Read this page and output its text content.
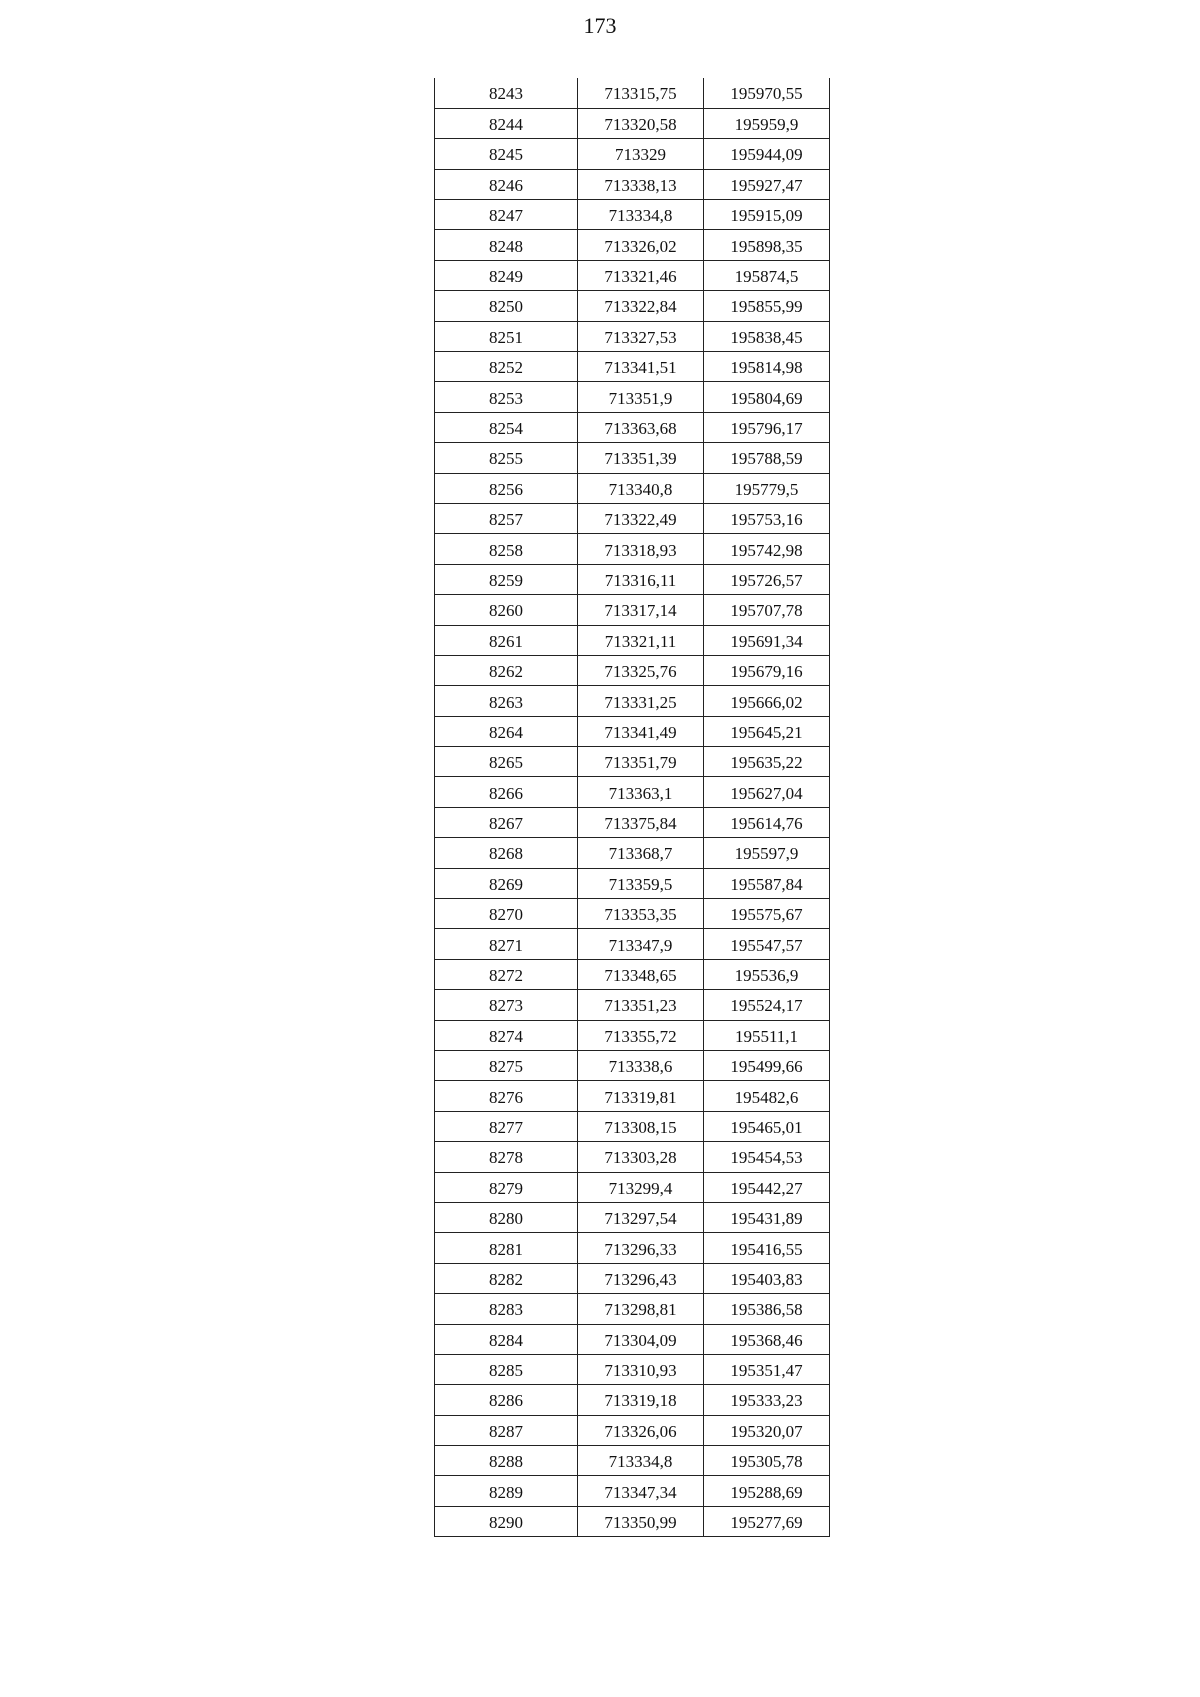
173
8243	713315,75	195970,55
8244	713320,58	195959,9
8245	713329	195944,09
8246	713338,13	195927,47
8247	713334,8	195915,09
8248	713326,02	195898,35
8249	713321,46	195874,5
8250	713322,84	195855,99
8251	713327,53	195838,45
8252	713341,51	195814,98
8253	713351,9	195804,69
8254	713363,68	195796,17
8255	713351,39	195788,59
8256	713340,8	195779,5
8257	713322,49	195753,16
8258	713318,93	195742,98
8259	713316,11	195726,57
8260	713317,14	195707,78
8261	713321,11	195691,34
8262	713325,76	195679,16
8263	713331,25	195666,02
8264	713341,49	195645,21
8265	713351,79	195635,22
8266	713363,1	195627,04
8267	713375,84	195614,76
8268	713368,7	195597,9
8269	713359,5	195587,84
8270	713353,35	195575,67
8271	713347,9	195547,57
8272	713348,65	195536,9
8273	713351,23	195524,17
8274	713355,72	195511,1
8275	713338,6	195499,66
8276	713319,81	195482,6
8277	713308,15	195465,01
8278	713303,28	195454,53
8279	713299,4	195442,27
8280	713297,54	195431,89
8281	713296,33	195416,55
8282	713296,43	195403,83
8283	713298,81	195386,58
8284	713304,09	195368,46
8285	713310,93	195351,47
8286	713319,18	195333,23
8287	713326,06	195320,07
8288	713334,8	195305,78
8289	713347,34	195288,69
8290	713350,99	195277,69
